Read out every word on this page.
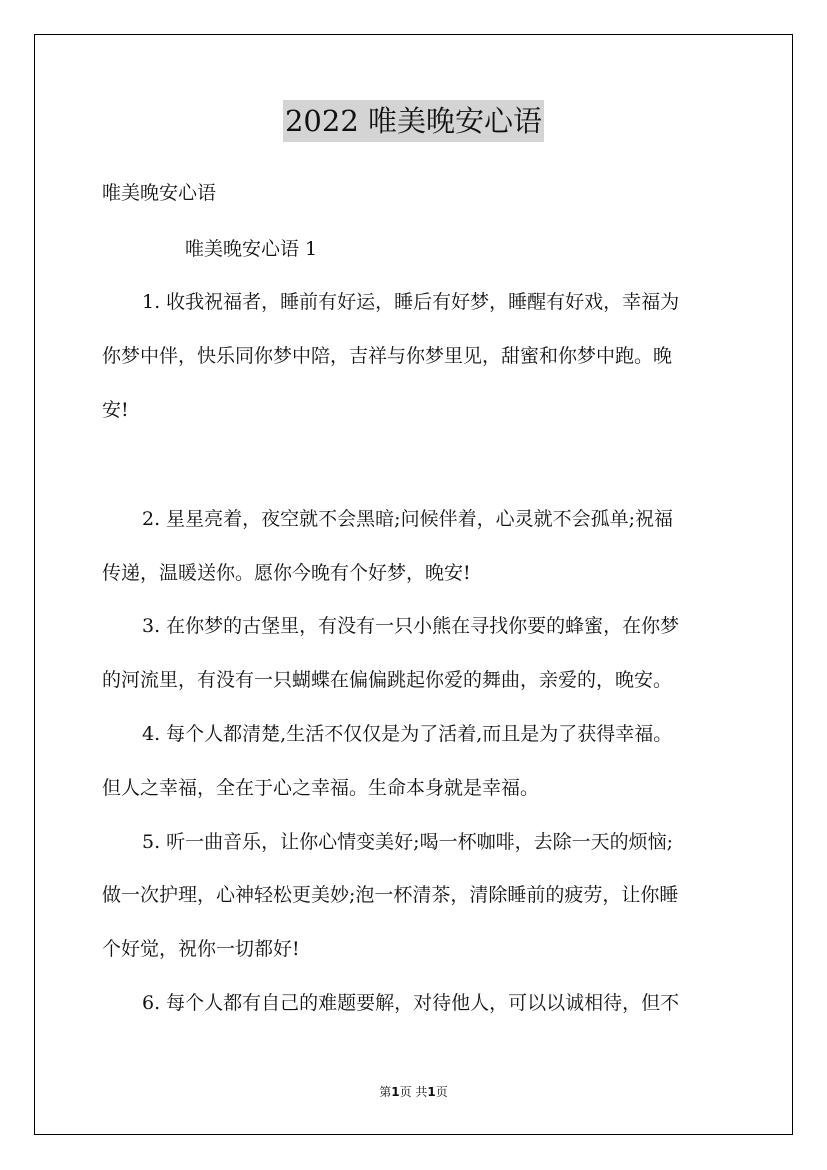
2022 唯美晚安心语
唯美晚安心语
唯美晚安心语 1
1. 收我祝福者，睡前有好运，睡后有好梦，睡醒有好戏，幸福为
你梦中伴，快乐同你梦中陪，吉祥与你梦里见，甜蜜和你梦中跑。晚
安!
2. 星星亮着，夜空就不会黑暗;问候伴着，心灵就不会孤单;祝福
传递，温暖送你。愿你今晚有个好梦，晚安!
3. 在你梦的古堡里，有没有一只小熊在寻找你要的蜂蜜，在你梦
的河流里，有没有一只蝴蝶在偏偏跳起你爱的舞曲，亲爱的，晚安。
4. 每个人都清楚,生活不仅仅是为了活着,而且是为了获得幸福。
但人之幸福，全在于心之幸福。生命本身就是幸福。
5. 听一曲音乐，让你心情变美好;喝一杯咖啡，去除一天的烦恼;
做一次护理，心神轻松更美妙;泡一杯清茶，清除睡前的疲劳，让你睡
个好觉，祝你一切都好!
6. 每个人都有自己的难题要解，对待他人，可以以诚相待，但不
第1页 共1页
